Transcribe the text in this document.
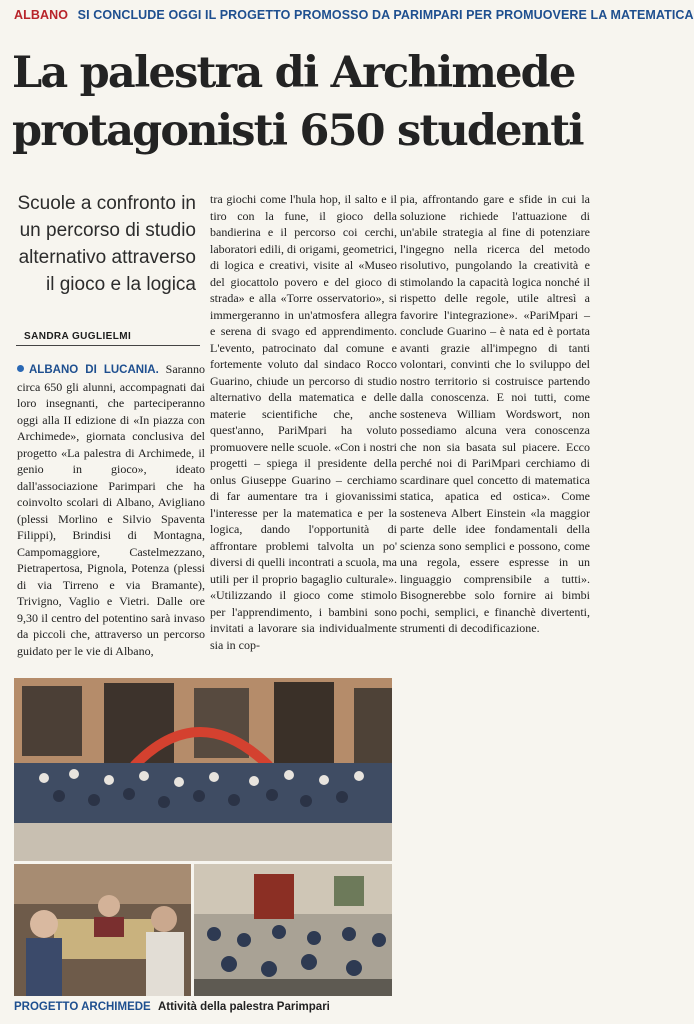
ALBANO SI CONCLUDE OGGI IL PROGETTO PROMOSSO DA PARIMPARI PER PROMUOVERE LA MATEMATICA
La palestra di Archimede
protagonisti 650 studenti
Scuole a confronto in un percorso di studio alternativo attraverso il gioco e la logica
SANDRA GUGLIELMI

ALBANO DI LUCANIA. Saranno circa 650 gli alunni, accompagnati dai loro insegnanti, che parteciperanno oggi alla II edizione di «In piazza con Archimede», giornata conclusiva del progetto «La palestra di Archimede, il genio in gioco», ideato dall'associazione Parimpari che ha coinvolto scolari di Albano, Avigliano (plessi Morlino e Silvio Spaventa Filippi), Brindisi di Montagna, Campomaggiore, Castelmezzano, Pietrapertosa, Pignola, Potenza (plessi di via Tirreno e via Bramante), Trivigno, Vaglio e Vietri. Dalle ore 9,30 il centro del potentino sarà invaso da piccoli che, attraverso un percorso guidato per le vie di Albano,

tra giochi come l'hula hop, il salto e il tiro con la fune, il gioco della bandierina e il percorso coi cerchi, laboratori edili, di origami, geometrici, di logica e creativi, visite al «Museo del giocattolo povero e del gioco di strada» e alla «Torre osservatorio», si immergeranno in un'atmosfera allegra e serena di svago ed apprendimento. L'evento, patrocinato dal comune e fortemente voluto dal sindaco Rocco Guarino, chiude un percorso di studio alternativo della matematica e delle materie scientifiche che, anche quest'anno, PariMpari ha voluto promuovere nelle scuole. «Con i nostri progetti – spiega il presidente della onlus Giuseppe Guarino – cerchiamo di far aumentare tra i giovanissimi l'interesse per la matematica e per la logica, dando l'opportunità di affrontare problemi talvolta un po' diversi di quelli incontrati a scuola, ma utili per il proprio bagaglio culturale». «Utilizzando il gioco come stimolo per l'apprendimento, i bambini sono invitati a lavorare sia individualmente sia in cop-

pia, affrontando gare e sfide in cui la soluzione richiede l'attuazione di un'abile strategia al fine di potenziare l'ingegno nella ricerca del metodo risolutivo, pungolando la creatività e stimolando la capacità logica nonché il rispetto delle regole, utile altresì a favorire l'integrazione». «PariMpari – conclude Guarino – è nata ed è portata avanti grazie all'impegno di tanti volontari, convinti che lo sviluppo del nostro territorio si costruisce partendo dalla conoscenza. E noi tutti, come sosteneva William Wordswort, non possediamo alcuna vera conoscenza che non sia basata sul piacere. Ecco perché noi di PariMpari cerchiamo di scardinare quel concetto di matematica statica, apatica ed ostica». Come sosteneva Albert Einstein «la maggior parte delle idee fondamentali della scienza sono semplici e possono, come una regola, essere espresse in un linguaggio comprensibile a tutti». Bisognerebbe solo fornire ai bimbi pochi, semplici, e financhè divertenti, strumenti di decodificazione.

PROGETTO ARCHIMEDE Attività della palestra Parimpari
